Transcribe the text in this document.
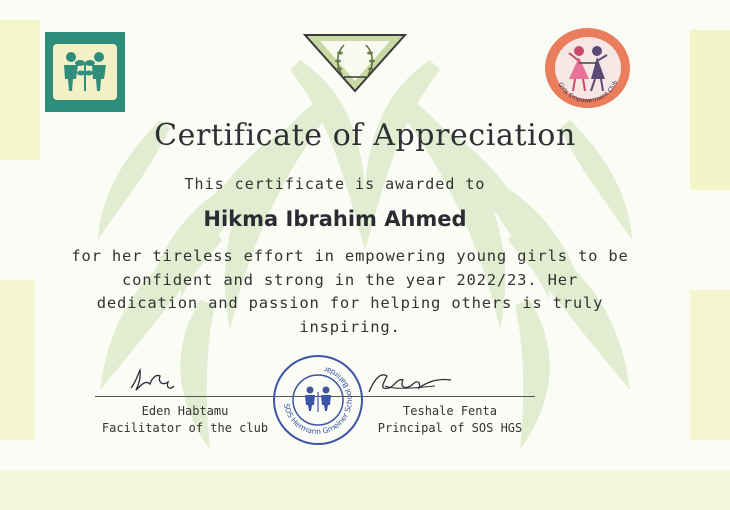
Girls Empowerment Club
Certificate of Appreciation
This certificate is awarded to
Hikma Ibrahim Ahmed
for her tireless effort in empowering young girls to be confident and strong in the year 2022/23. Her dedication and passion for helping others is truly inspiring.
Eden Habtamu
Facilitator of the club
Teshale Fenta
Principal of SOS HGS
SOS Hermann Gmeiner School Bahirdar
